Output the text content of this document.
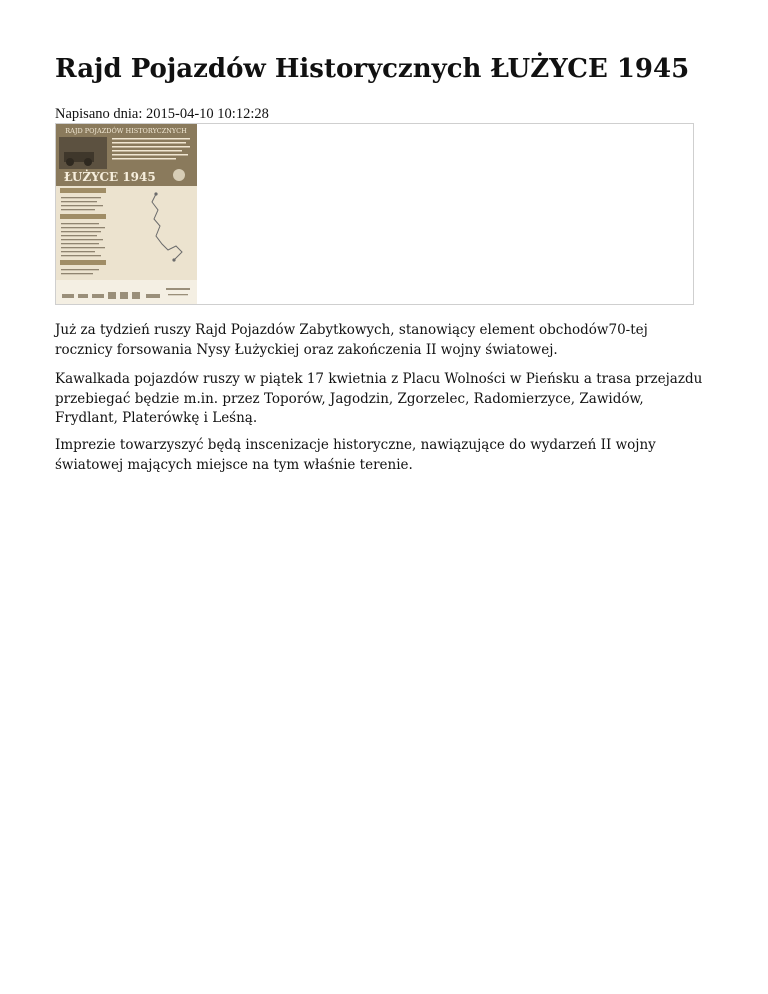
Rajd Pojazdów Historycznych ŁUŻYCE 1945
Napisano dnia: 2015-04-10 10:12:28
RAJD POJAZDÓW HISTORYCZNYCH
ŁUŻYCE 1945

Już za tydzień ruszy Rajd Pojazdów Zabytkowych, stanowiący element obchodów70-tej rocznicy forsowania Nysy Łużyckiej oraz zakończenia II wojny światowej.

Kawalkada pojazdów ruszy w piątek 17 kwietnia z Placu Wolności w Pieńsku a trasa przejazdu przebiegać będzie m.in. przez Toporów, Jagodzin, Zgorzelec, Radomierzyce, Zawidów, Frydlant, Platerówkę i Leśną.

Imprezie towarzyszyć będą inscenizacje historyczne, nawiązujące do wydarzeń II wojny światowej mających miejsce na tym właśnie terenie.
